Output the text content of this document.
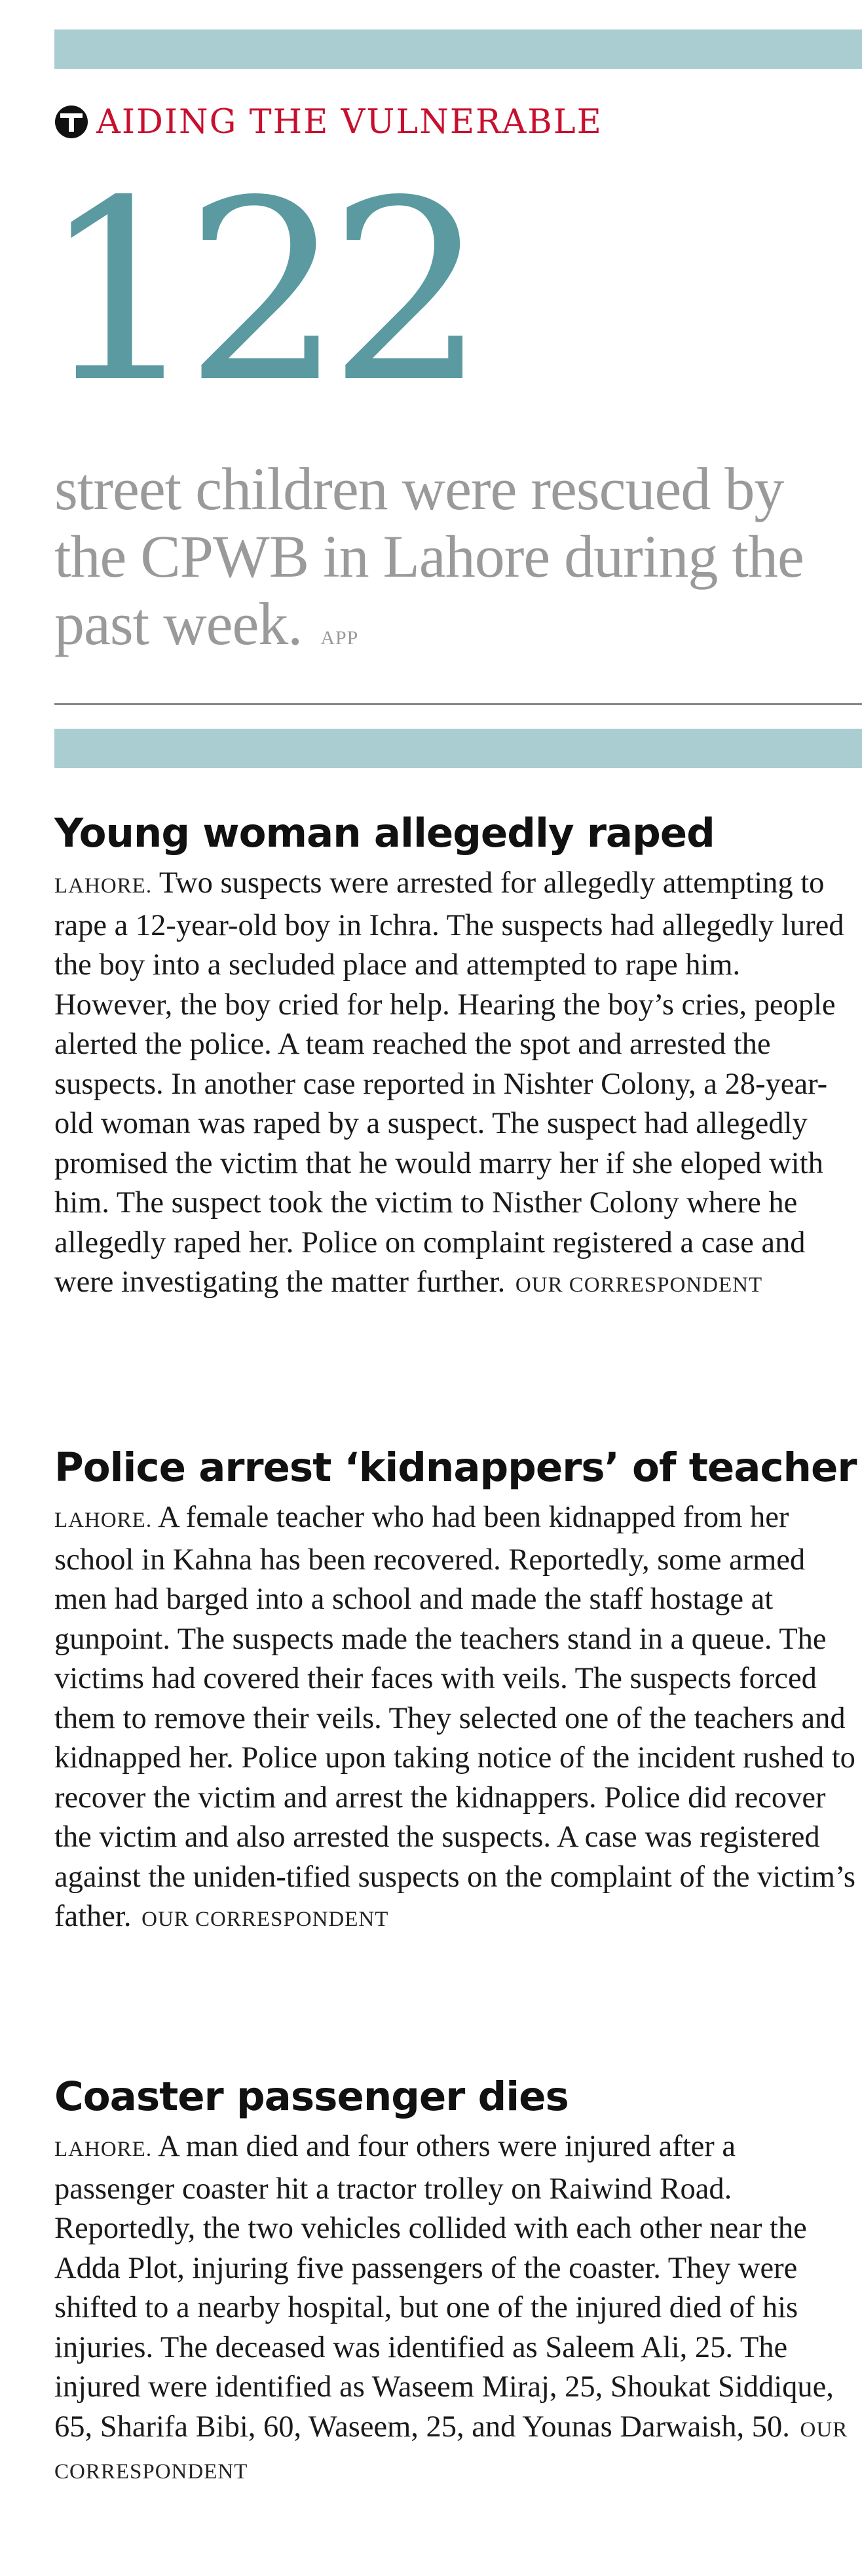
AIDING THE VULNERABLE
122
street children were rescued by the CPWB in Lahore during the past week. APP
Young woman allegedly raped

LAHORE. Two suspects were arrested for allegedly attempting to rape a 12-year-old boy in Ichra. The suspects had allegedly lured the boy into a secluded place and attempted to rape him. However, the boy cried for help. Hearing the boy’s cries, people alerted the police. A team reached the spot and arrested the suspects. In another case reported in Nishter Colony, a 28-year-old woman was raped by a suspect. The suspect had allegedly promised the victim that he would marry her if she eloped with him. The suspect took the victim to Nisther Colony where he allegedly raped her. Police on complaint registered a case and were investigating the matter further. OUR CORRESPONDENT

Police arrest ‘kidnappers’ of teacher

LAHORE. A female teacher who had been kidnapped from her school in Kahna has been recovered. Reportedly, some armed men had barged into a school and made the staff hostage at gunpoint. The suspects made the teachers stand in a queue. The victims had covered their faces with veils. The suspects forced them to remove their veils. They selected one of the teachers and kidnapped her. Police upon taking notice of the incident rushed to recover the victim and arrest the kidnappers. Police did recover the victim and also arrested the suspects. A case was registered against the uniden-tified suspects on the complaint of the victim’s father. OUR CORRESPONDENT

Coaster passenger dies

LAHORE. A man died and four others were injured after a passenger coaster hit a tractor trolley on Raiwind Road. Reportedly, the two vehicles collided with each other near the Adda Plot, injuring five passengers of the coaster. They were shifted to a nearby hospital, but one of the injured died of his injuries. The deceased was identified as Saleem Ali, 25. The injured were identified as Waseem Miraj, 25, Shoukat Siddique, 65, Sharifa Bibi, 60, Waseem, 25, and Younas Darwaish, 50. OUR CORRESPONDENT
